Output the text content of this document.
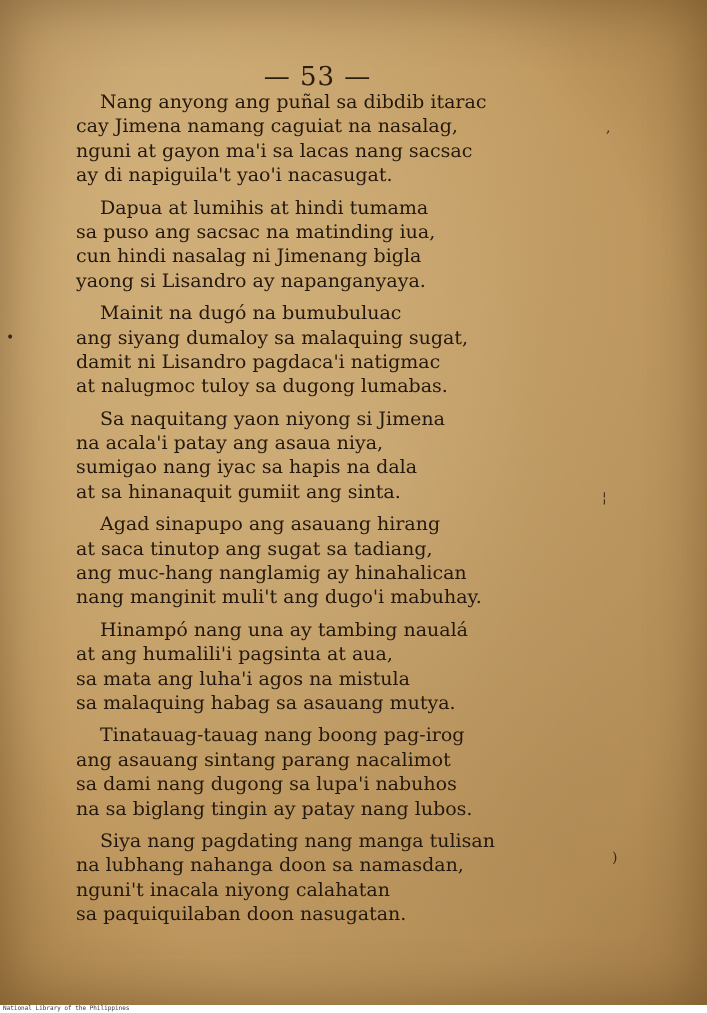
— 53 —
Nang anyong ang puñal sa dibdib itarac
cay Jimena namang caguiat na nasalag,
nguni at gayon ma'i sa lacas nang sacsac
ay di napiguila't yao'i nacasugat.
Dapua at lumihis at hindi tumama
sa puso ang sacsac na matinding iua,
cun hindi nasalag ni Jimenang bigla
yaong si Lisandro ay napanganyaya.
Mainit na dugó na bumubuluac
ang siyang dumaloy sa malaquing sugat,
damit ni Lisandro pagdaca'i natigmac
at nalugmoc tuloy sa dugong lumabas.
Sa naquitang yaon niyong si Jimena
na acala'i patay ang asaua niya,
sumigao nang iyac sa hapis na dala
at sa hinanaquit gumiit ang sinta.
Agad sinapupo ang asauang hirang
at saca tinutop ang sugat sa tadiang,
ang muc-hang nanglamig ay hinahalican
nang manginit muli't ang dugo'i mabuhay.
Hinampó nang una ay tambing naualá
at ang humalili'i pagsinta at aua,
sa mata ang luha'i agos na mistula
sa malaquing habag sa asauang mutya.
Tinatauag-tauag nang boong pag-irog
ang asauang sintang parang nacalimot
sa dami nang dugong sa lupa'i nabuhos
na sa biglang tingin ay patay nang lubos.
Siya nang pagdating nang manga tulisan
na lubhang nahanga doon sa namasdan,
nguni't inacala niyong calahatan
sa paquiquilaban doon nasugatan.
,
•
¦
)
National Library of the Philippines
